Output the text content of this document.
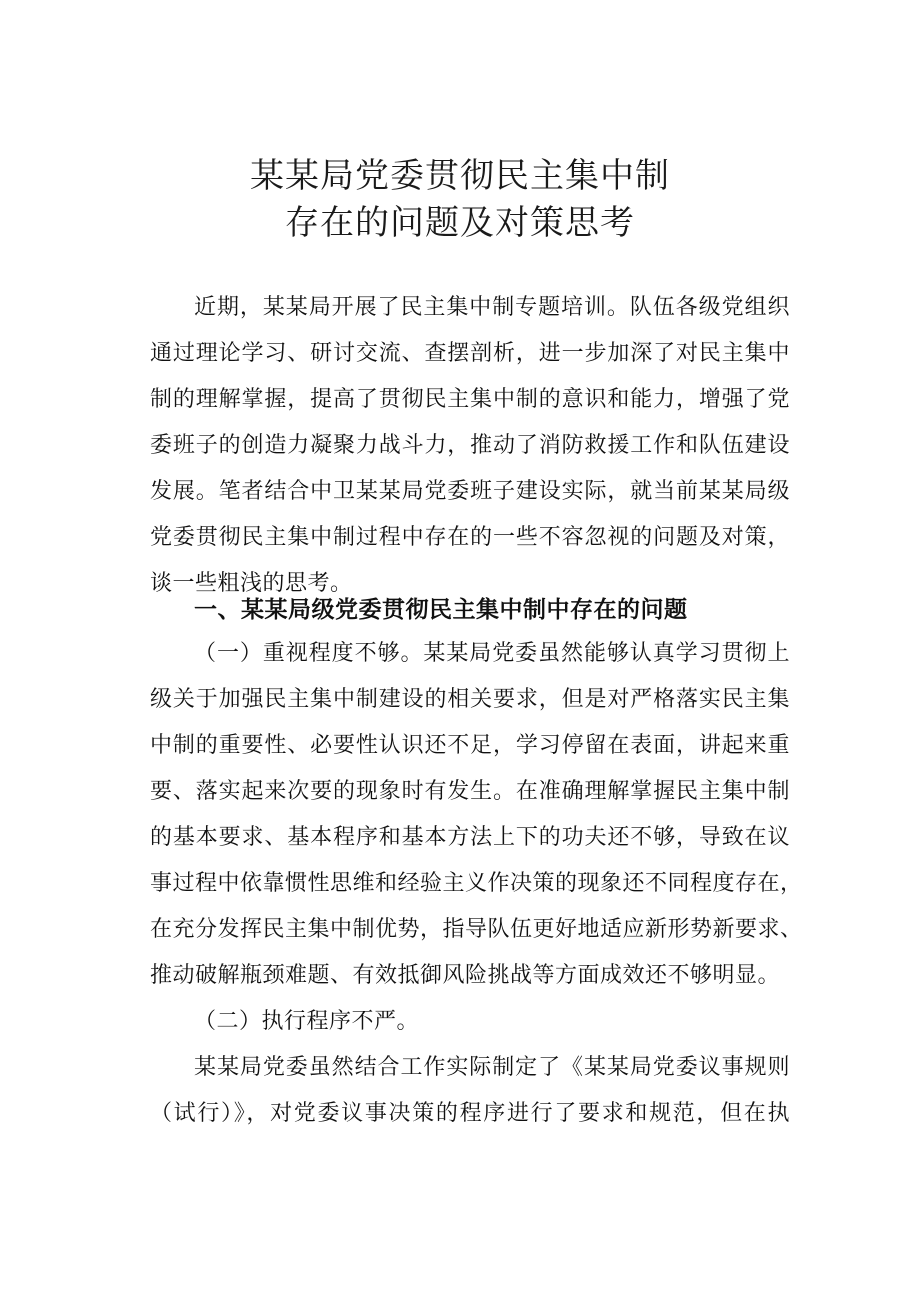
某某局党委贯彻民主集中制
存在的问题及对策思考
近期，某某局开展了民主集中制专题培训。队伍各级党组织
通过理论学习、研讨交流、查摆剖析，进一步加深了对民主集中
制的理解掌握，提高了贯彻民主集中制的意识和能力，增强了党
委班子的创造力凝聚力战斗力，推动了消防救援工作和队伍建设
发展。笔者结合中卫某某局党委班子建设实际，就当前某某局级
党委贯彻民主集中制过程中存在的一些不容忽视的问题及对策，
谈一些粗浅的思考。
一、某某局级党委贯彻民主集中制中存在的问题
（一）重视程度不够。某某局党委虽然能够认真学习贯彻上
级关于加强民主集中制建设的相关要求，但是对严格落实民主集
中制的重要性、必要性认识还不足，学习停留在表面，讲起来重
要、落实起来次要的现象时有发生。在准确理解掌握民主集中制
的基本要求、基本程序和基本方法上下的功夫还不够，导致在议
事过程中依靠惯性思维和经验主义作决策的现象还不同程度存在，
在充分发挥民主集中制优势，指导队伍更好地适应新形势新要求、
推动破解瓶颈难题、有效抵御风险挑战等方面成效还不够明显。
（二）执行程序不严。
某某局党委虽然结合工作实际制定了《某某局党委议事规则
（试行）》，对党委议事决策的程序进行了要求和规范，但在执
